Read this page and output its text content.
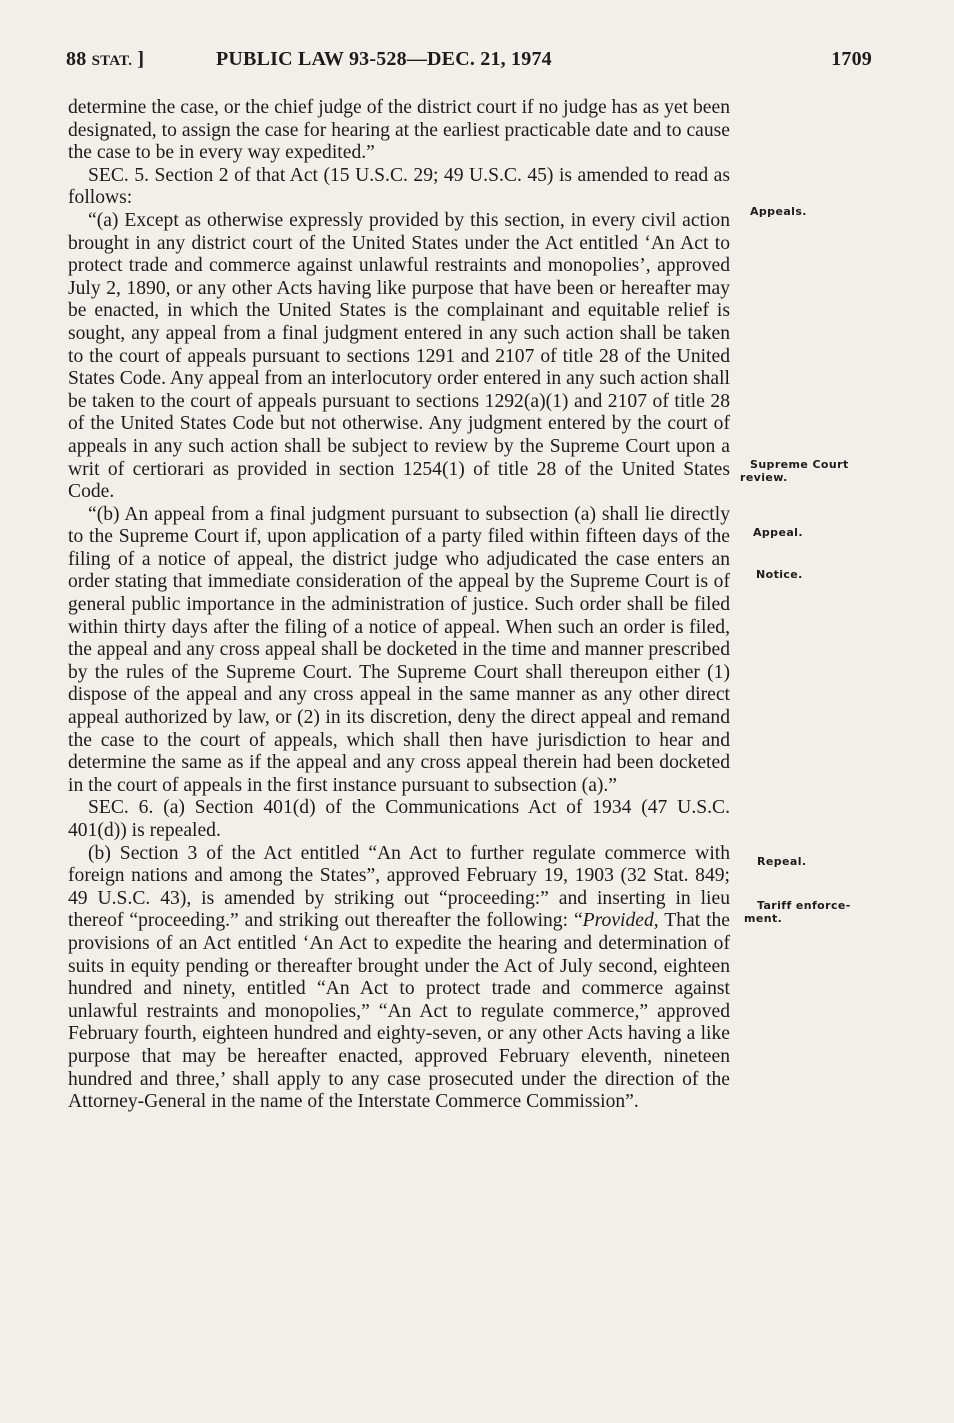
88 STAT. ]	PUBLIC LAW 93-528—DEC. 21, 1974	1709

determine the case, or the chief judge of the district court if no judge has as yet been designated, to assign the case for hearing at the earliest practicable date and to cause the case to be in every way expedited.”

SEC. 5. Section 2 of that Act (15 U.S.C. 29; 49 U.S.C. 45) is amended to read as follows:

“(a) Except as otherwise expressly provided by this section, in every civil action brought in any district court of the United States under the Act entitled ‘An Act to protect trade and commerce against unlawful restraints and monopolies’, approved July 2, 1890, or any other Acts having like purpose that have been or hereafter may be enacted, in which the United States is the complainant and equitable relief is sought, any appeal from a final judgment entered in any such action shall be taken to the court of appeals pursuant to sections 1291 and 2107 of title 28 of the United States Code. Any appeal from an interlocutory order entered in any such action shall be taken to the court of appeals pursuant to sections 1292(a)(1) and 2107 of title 28 of the United States Code but not otherwise. Any judgment entered by the court of appeals in any such action shall be subject to review by the Supreme Court upon a writ of certiorari as provided in section 1254(1) of title 28 of the United States Code.

“(b) An appeal from a final judgment pursuant to subsection (a) shall lie directly to the Supreme Court if, upon application of a party filed within fifteen days of the filing of a notice of appeal, the district judge who adjudicated the case enters an order stating that immediate consideration of the appeal by the Supreme Court is of general public importance in the administration of justice. Such order shall be filed within thirty days after the filing of a notice of appeal. When such an order is filed, the appeal and any cross appeal shall be docketed in the time and manner prescribed by the rules of the Supreme Court. The Supreme Court shall thereupon either (1) dispose of the appeal and any cross appeal in the same manner as any other direct appeal authorized by law, or (2) in its discretion, deny the direct appeal and remand the case to the court of appeals, which shall then have jurisdiction to hear and determine the same as if the appeal and any cross appeal therein had been docketed in the court of appeals in the first instance pursuant to subsection (a).”

SEC. 6. (a) Section 401(d) of the Communications Act of 1934 (47 U.S.C. 401(d)) is repealed.

(b) Section 3 of the Act entitled “An Act to further regulate commerce with foreign nations and among the States”, approved February 19, 1903 (32 Stat. 849; 49 U.S.C. 43), is amended by striking out “proceeding:” and inserting in lieu thereof “proceeding.” and striking out thereafter the following: “Provided, That the provisions of an Act entitled ‘An Act to expedite the hearing and determination of suits in equity pending or thereafter brought under the Act of July second, eighteen hundred and ninety, entitled “An Act to protect trade and commerce against unlawful restraints and monopolies,” “An Act to regulate commerce,” approved February fourth, eighteen hundred and eighty-seven, or any other Acts having a like purpose that may be hereafter enacted, approved February eleventh, nineteen hundred and three,’ shall apply to any case prosecuted under the direction of the Attorney-General in the name of the Interstate Commerce Commission”.

Appeals.
Supreme Court
review.
Appeal.
Notice.
Repeal.
Tariff enforce-
ment.
